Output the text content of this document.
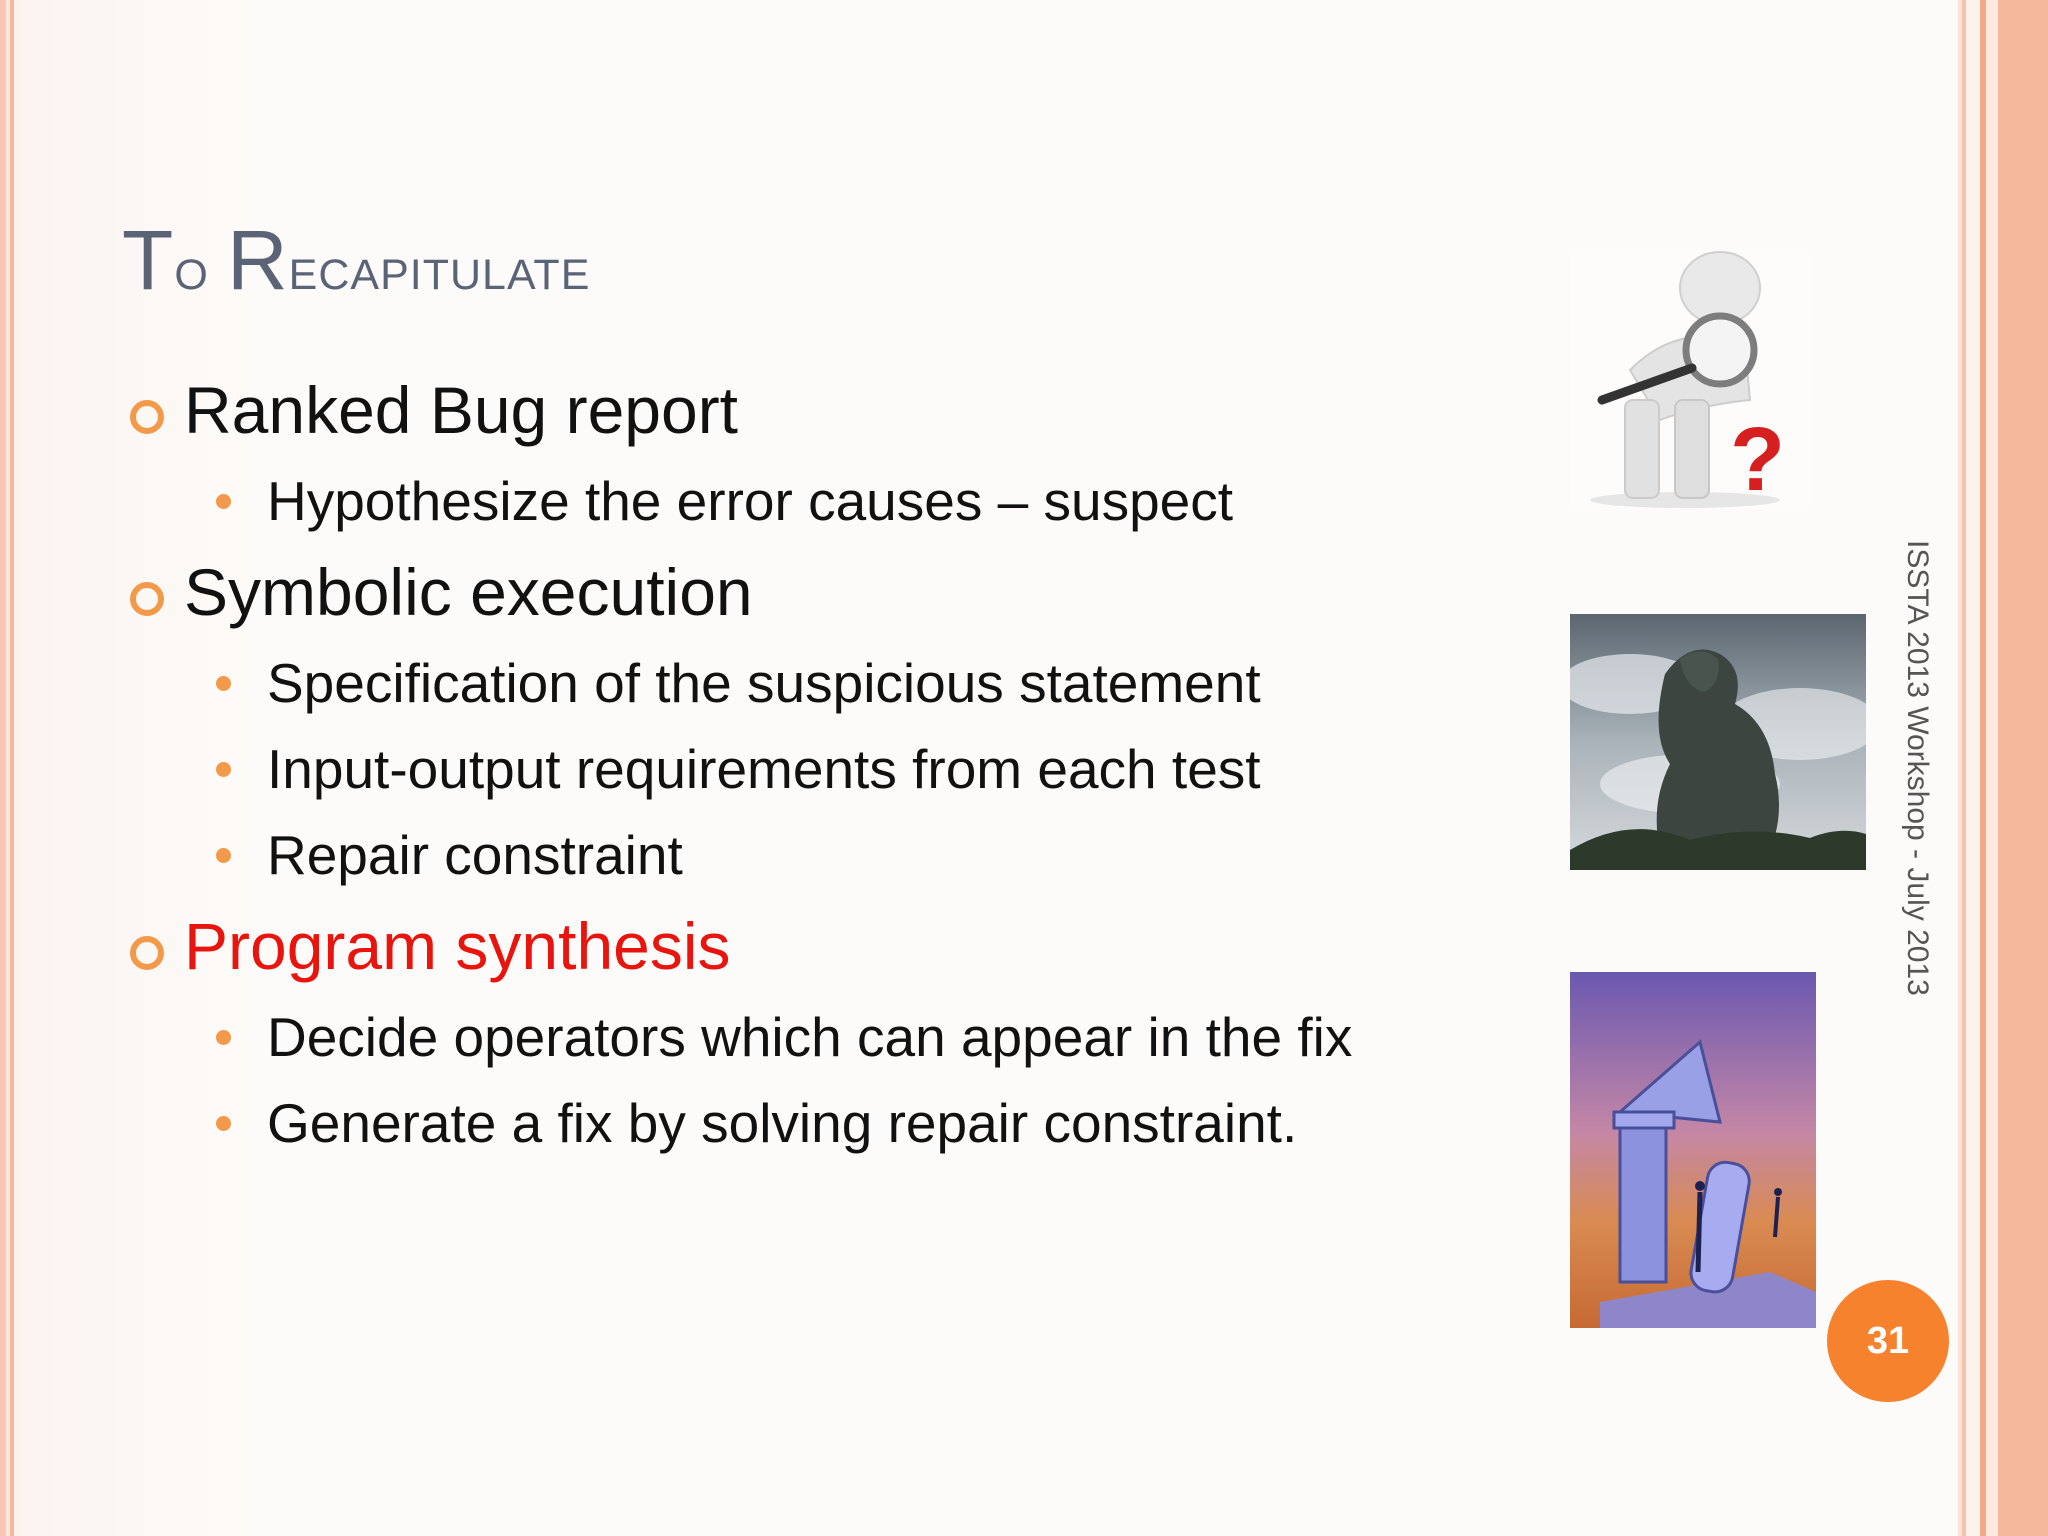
To Recapitulate
Ranked Bug report
Hypothesize the error causes – suspect
Symbolic execution
Specification of the suspicious statement
Input-output requirements from each test
Repair constraint
Program synthesis
Decide operators which can appear in the fix
Generate a fix by solving repair constraint.
?
ISSTA 2013 Workshop - July 2013
31
